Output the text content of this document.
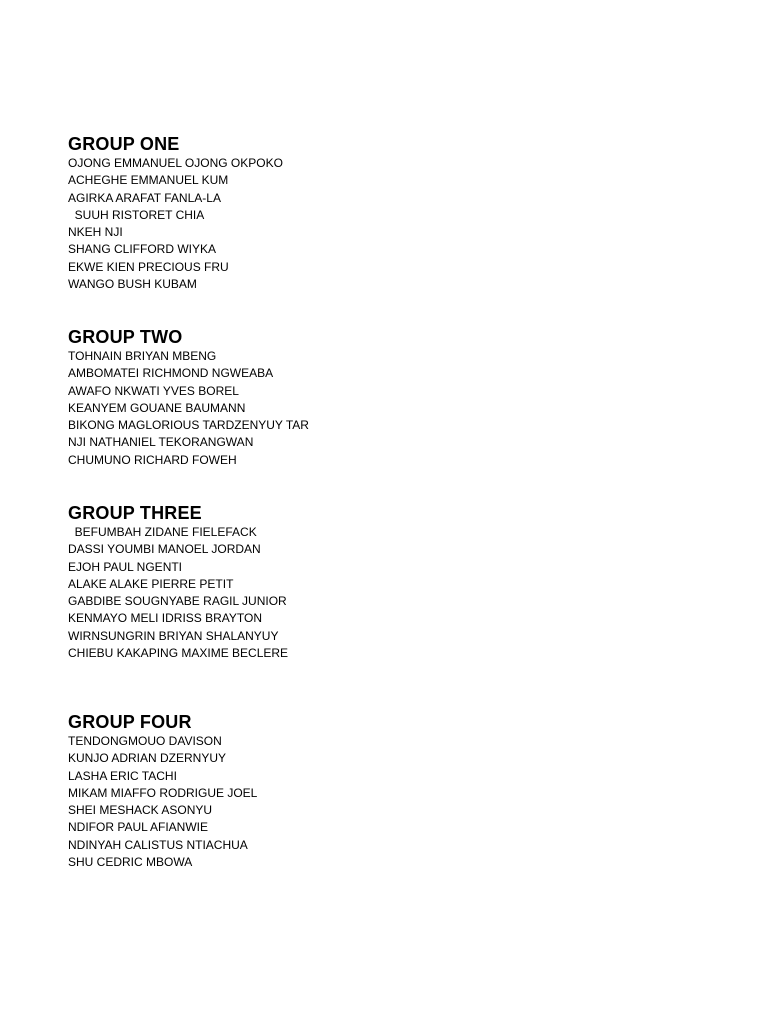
GROUP ONE
OJONG EMMANUEL OJONG OKPOKO
ACHEGHE EMMANUEL KUM
AGIRKA ARAFAT FANLA-LA
SUUH RISTORET CHIA
NKEH NJI
SHANG CLIFFORD WIYKA
EKWE KIEN PRECIOUS FRU
WANGO BUSH KUBAM
GROUP TWO
TOHNAIN BRIYAN MBENG
AMBOMATEI RICHMOND NGWEABA
AWAFO NKWATI YVES BOREL
KEANYEM GOUANE BAUMANN
BIKONG MAGLORIOUS TARDZENYUY TAR
NJI NATHANIEL TEKORANGWAN
CHUMUNO RICHARD FOWEH
GROUP THREE
BEFUMBAH ZIDANE FIELEFACK
DASSI YOUMBI MANOEL JORDAN
EJOH PAUL NGENTI
ALAKE ALAKE PIERRE PETIT
GABDIBE SOUGNYABE RAGIL JUNIOR
KENMAYO MELI IDRISS BRAYTON
WIRNSUNGRIN BRIYAN SHALANYUY
CHIEBU KAKAPING MAXIME BECLERE
GROUP FOUR
TENDONGMOUO DAVISON
KUNJO ADRIAN DZERNYUY
LASHA ERIC TACHI
MIKAM MIAFFO RODRIGUE JOEL
SHEI MESHACK ASONYU
NDIFOR PAUL AFIANWIE
NDINYAH CALISTUS NTIACHUA
SHU CEDRIC MBOWA
